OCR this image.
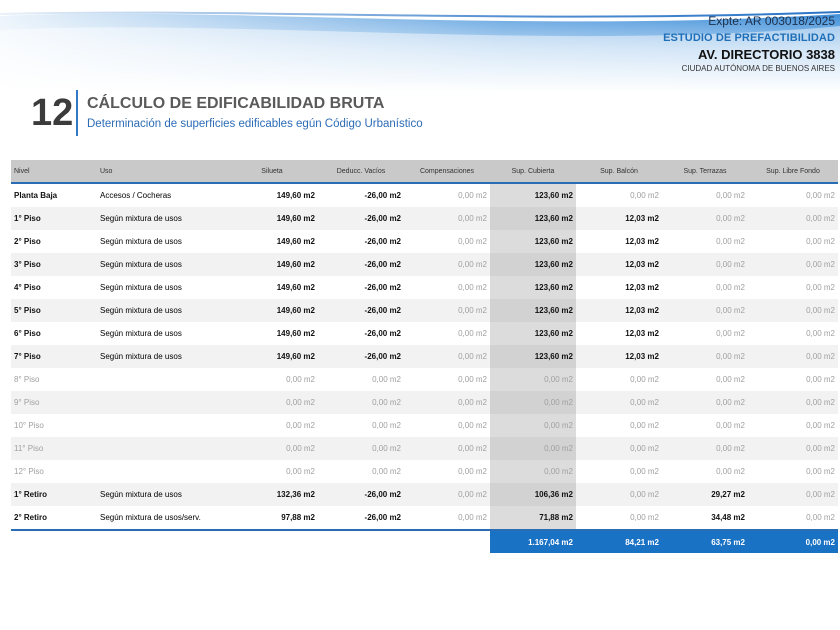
Expte: AR 003018/2025
ESTUDIO DE PREFACTIBILIDAD
AV. DIRECTORIO 3838
CIUDAD AUTÓNOMA DE BUENOS AIRES
12 CÁLCULO DE EDIFICABILIDAD BRUTA
Determinación de superficies edificables egún Código Urbanístico
Nivel	Uso	Silueta	Deducc. Vacíos	Compensaciones	Sup. Cubierta	Sup. Balcón	Sup. Terrazas	Sup. Libre Fondo
Planta Baja	Accesos / Cocheras	149,60 m2	-26,00 m2	0,00 m2	123,60 m2	0,00 m2	0,00 m2	0,00 m2
1° Piso	Según mixtura de usos	149,60 m2	-26,00 m2	0,00 m2	123,60 m2	12,03 m2	0,00 m2	0,00 m2
2° Piso	Según mixtura de usos	149,60 m2	-26,00 m2	0,00 m2	123,60 m2	12,03 m2	0,00 m2	0,00 m2
3° Piso	Según mixtura de usos	149,60 m2	-26,00 m2	0,00 m2	123,60 m2	12,03 m2	0,00 m2	0,00 m2
4° Piso	Según mixtura de usos	149,60 m2	-26,00 m2	0,00 m2	123,60 m2	12,03 m2	0,00 m2	0,00 m2
5° Piso	Según mixtura de usos	149,60 m2	-26,00 m2	0,00 m2	123,60 m2	12,03 m2	0,00 m2	0,00 m2
6° Piso	Según mixtura de usos	149,60 m2	-26,00 m2	0,00 m2	123,60 m2	12,03 m2	0,00 m2	0,00 m2
7° Piso	Según mixtura de usos	149,60 m2	-26,00 m2	0,00 m2	123,60 m2	12,03 m2	0,00 m2	0,00 m2
8° Piso		0,00 m2	0,00 m2	0,00 m2	0,00 m2	0,00 m2	0,00 m2	0,00 m2
9° Piso		0,00 m2	0,00 m2	0,00 m2	0,00 m2	0,00 m2	0,00 m2	0,00 m2
10° Piso		0,00 m2	0,00 m2	0,00 m2	0,00 m2	0,00 m2	0,00 m2	0,00 m2
11° Piso		0,00 m2	0,00 m2	0,00 m2	0,00 m2	0,00 m2	0,00 m2	0,00 m2
12° Piso		0,00 m2	0,00 m2	0,00 m2	0,00 m2	0,00 m2	0,00 m2	0,00 m2
1° Retiro	Según mixtura de usos	132,36 m2	-26,00 m2	0,00 m2	106,36 m2	0,00 m2	29,27 m2	0,00 m2
2° Retiro	Según mixtura de usos/serv.	97,88 m2	-26,00 m2	0,00 m2	71,88 m2	0,00 m2	34,48 m2	0,00 m2
					1.167,04 m2	84,21 m2	63,75 m2	0,00 m2
